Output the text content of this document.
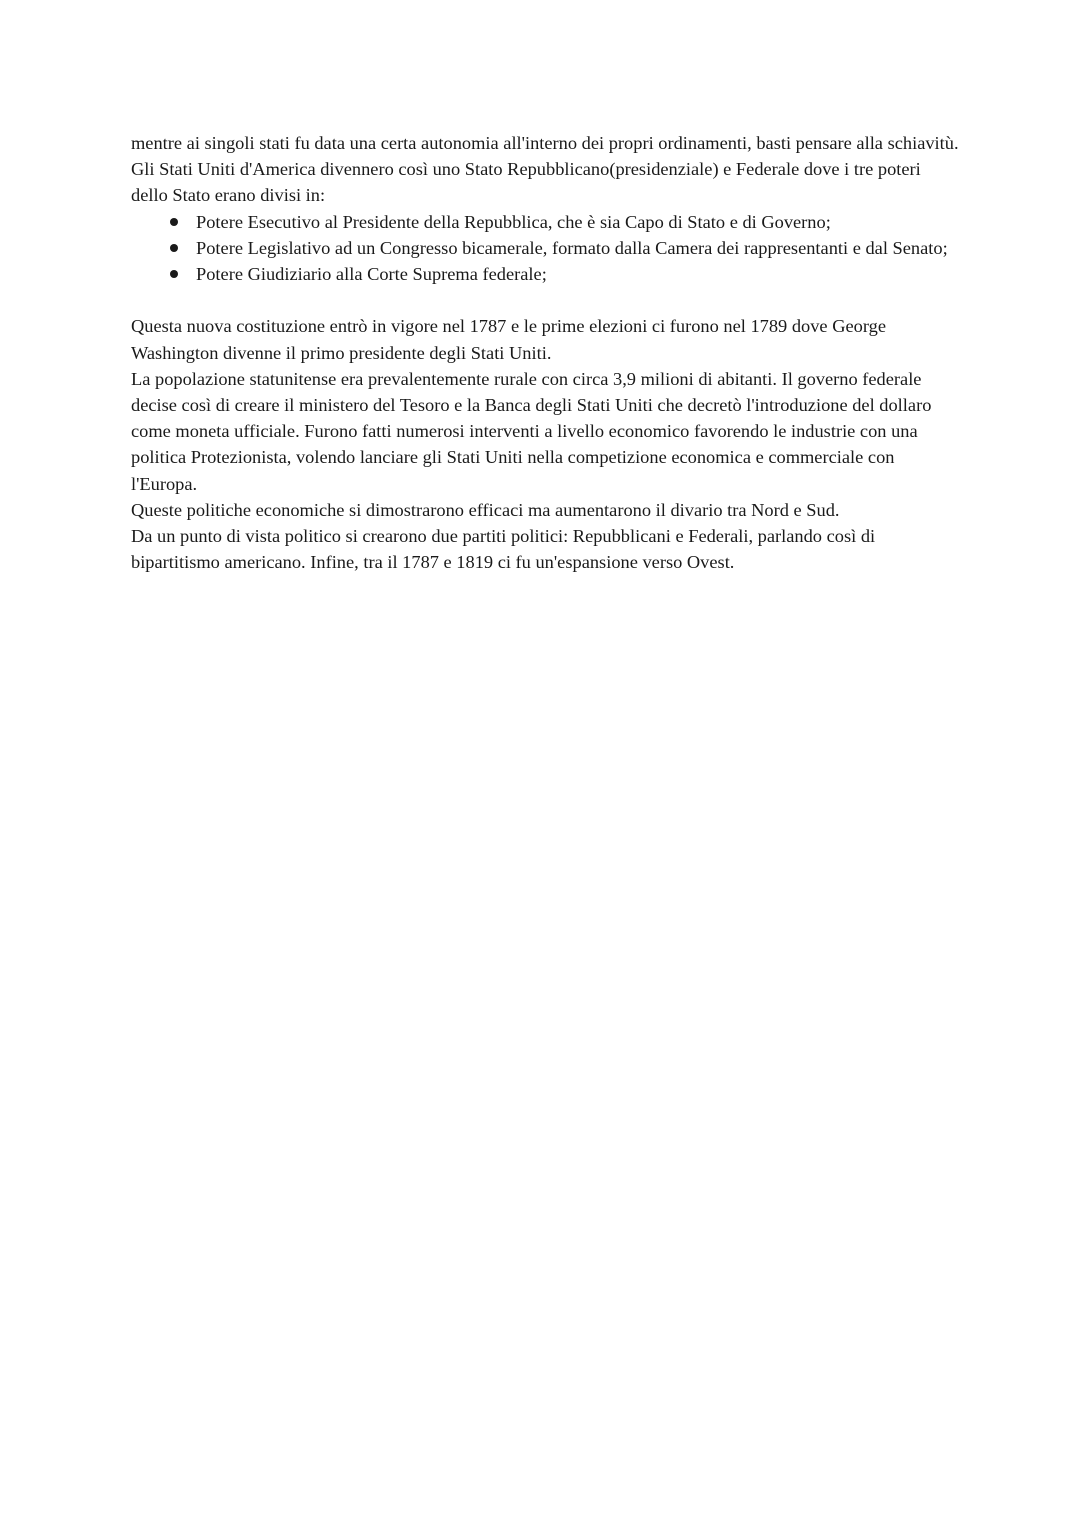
mentre ai singoli stati fu data una certa autonomia all'interno dei propri ordinamenti, basti pensare alla schiavitù.

Gli Stati Uniti d'America divennero così uno Stato Repubblicano(presidenziale) e Federale dove i tre poteri dello Stato erano divisi in:

Potere Esecutivo al Presidente della Repubblica, che è sia Capo di Stato e di Governo;
Potere Legislativo ad un Congresso bicamerale, formato dalla Camera dei rappresentanti e dal Senato;
Potere Giudiziario alla Corte Suprema federale;

Questa nuova costituzione entrò in vigore nel 1787 e le prime elezioni ci furono nel 1789 dove George Washington divenne il primo presidente degli Stati Uniti.

La popolazione statunitense era prevalentemente rurale con circa 3,9 milioni di abitanti. Il governo federale decise così di creare il ministero del Tesoro e la Banca degli Stati Uniti che decretò l'introduzione del dollaro come moneta ufficiale. Furono fatti numerosi interventi a livello economico favorendo le industrie con una politica Protezionista, volendo lanciare gli Stati Uniti nella competizione economica e commerciale con l'Europa.

Queste politiche economiche si dimostrarono efficaci ma aumentarono il divario tra Nord e Sud.

Da un punto di vista politico si crearono due partiti politici: Repubblicani e Federali, parlando così di bipartitismo americano. Infine, tra il 1787 e 1819 ci fu un'espansione verso Ovest.
